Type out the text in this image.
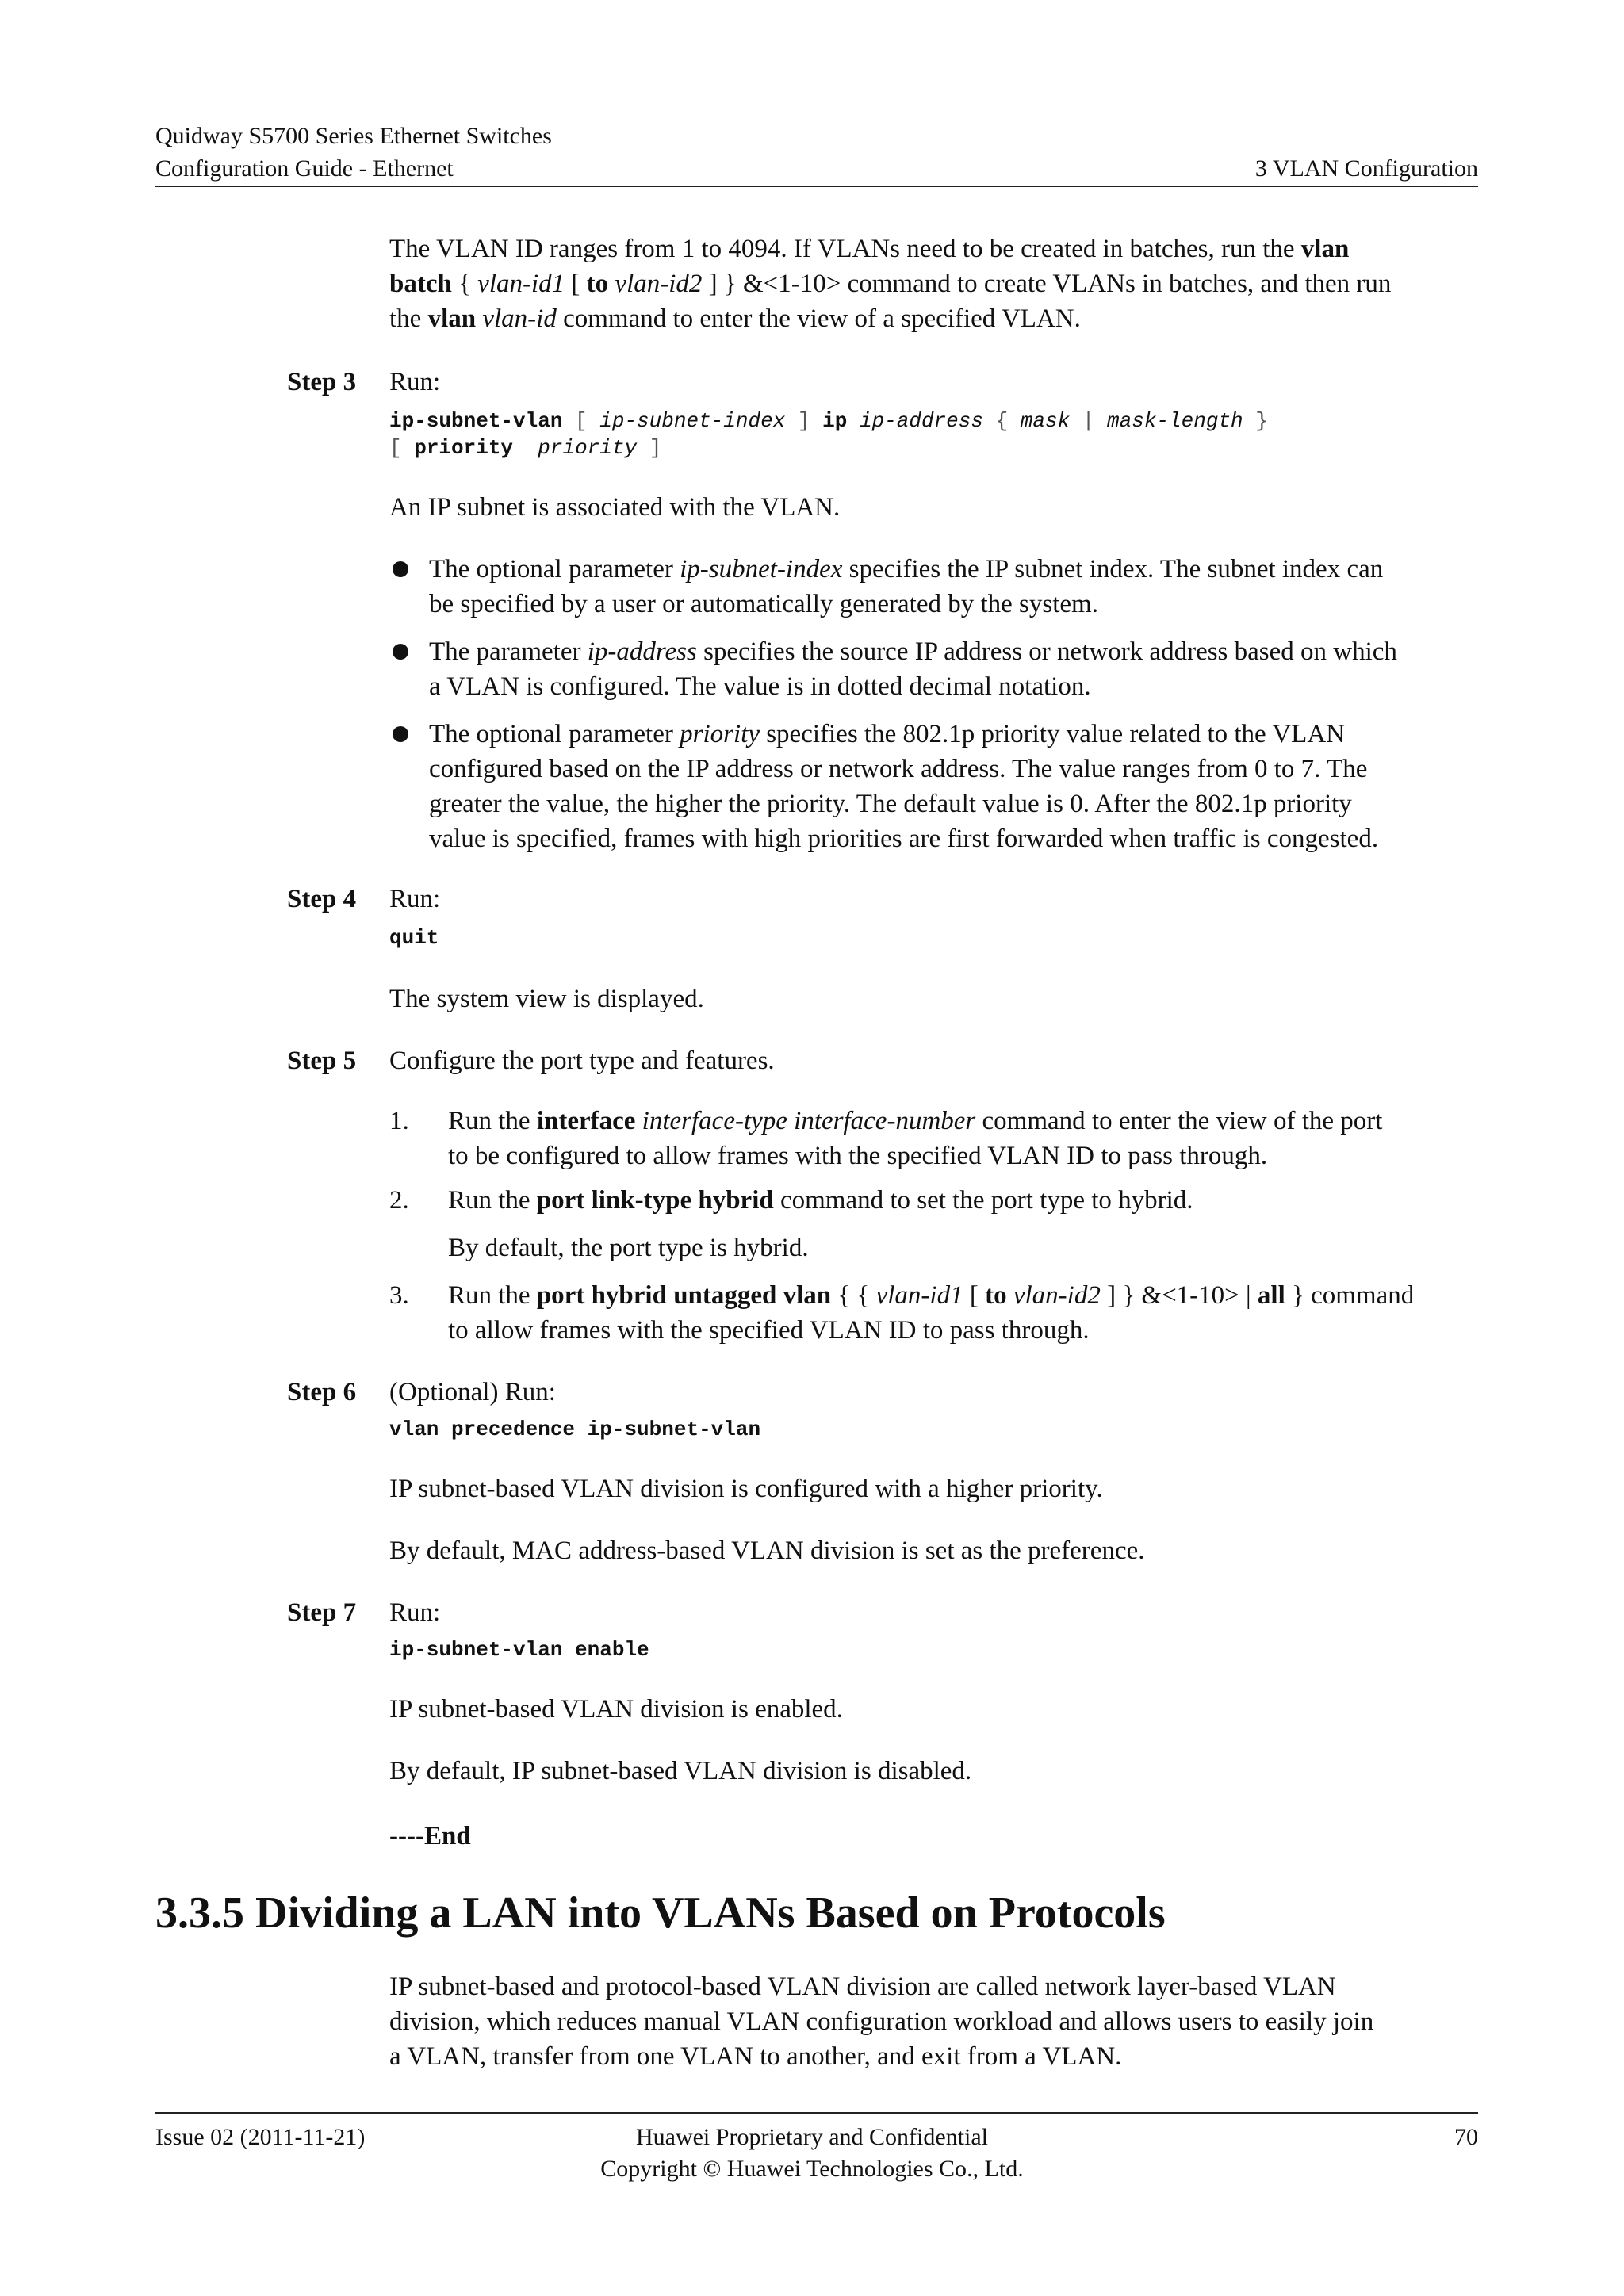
Quidway S5700 Series Ethernet Switches
Configuration Guide - Ethernet	3 VLAN Configuration
The VLAN ID ranges from 1 to 4094. If VLANs need to be created in batches, run the vlan
batch { vlan-id1 [ to vlan-id2 ] } &<1-10> command to create VLANs in batches, and then run
the vlan vlan-id command to enter the view of a specified VLAN.
Step 3	Run:
ip-subnet-vlan [ ip-subnet-index ] ip ip-address { mask | mask-length }
[ priority priority ]
An IP subnet is associated with the VLAN.
The optional parameter ip-subnet-index specifies the IP subnet index. The subnet index can
be specified by a user or automatically generated by the system.
The parameter ip-address specifies the source IP address or network address based on which
a VLAN is configured. The value is in dotted decimal notation.
The optional parameter priority specifies the 802.1p priority value related to the VLAN
configured based on the IP address or network address. The value ranges from 0 to 7. The
greater the value, the higher the priority. The default value is 0. After the 802.1p priority
value is specified, frames with high priorities are first forwarded when traffic is congested.
Step 4	Run:
quit
The system view is displayed.
Step 5	Configure the port type and features.
1. Run the interface interface-type interface-number command to enter the view of the port
to be configured to allow frames with the specified VLAN ID to pass through.
2. Run the port link-type hybrid command to set the port type to hybrid.
By default, the port type is hybrid.
3. Run the port hybrid untagged vlan { { vlan-id1 [ to vlan-id2 ] } &<1-10> | all } command
to allow frames with the specified VLAN ID to pass through.
Step 6	(Optional) Run:
vlan precedence ip-subnet-vlan
IP subnet-based VLAN division is configured with a higher priority.
By default, MAC address-based VLAN division is set as the preference.
Step 7	Run:
ip-subnet-vlan enable
IP subnet-based VLAN division is enabled.
By default, IP subnet-based VLAN division is disabled.
----End
3.3.5 Dividing a LAN into VLANs Based on Protocols
IP subnet-based and protocol-based VLAN division are called network layer-based VLAN
division, which reduces manual VLAN configuration workload and allows users to easily join
a VLAN, transfer from one VLAN to another, and exit from a VLAN.
Issue 02 (2011-11-21)	Huawei Proprietary and Confidential
Copyright © Huawei Technologies Co., Ltd.
70
